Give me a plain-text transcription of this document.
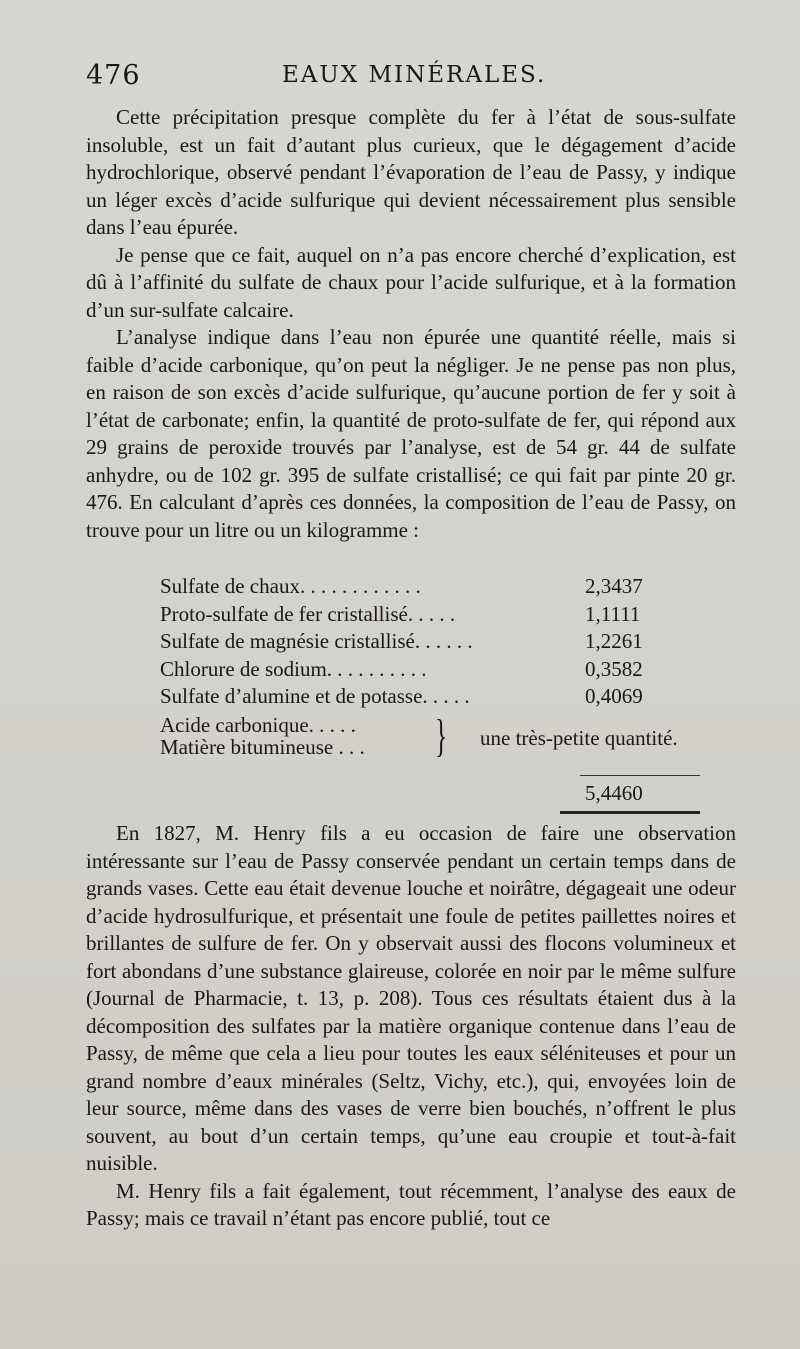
476	EAUX MINÉRALES.

Cette précipitation presque complète du fer à l’état de sous-sulfate insoluble, est un fait d’autant plus curieux, que le dégagement d’acide hydrochlorique, observé pendant l’évaporation de l’eau de Passy, y indique un léger excès d’acide sulfurique qui devient nécessairement plus sensible dans l’eau épurée.

Je pense que ce fait, auquel on n’a pas encore cherché d’explication, est dû à l’affinité du sulfate de chaux pour l’acide sulfurique, et à la formation d’un sur-sulfate calcaire.

L’analyse indique dans l’eau non épurée une quantité réelle, mais si faible d’acide carbonique, qu’on peut la négliger. Je ne pense pas non plus, en raison de son excès d’acide sulfurique, qu’aucune portion de fer y soit à l’état de carbonate; enfin, la quantité de proto-sulfate de fer, qui répond aux 29 grains de peroxide trouvés par l’analyse, est de 54 gr. 44 de sulfate anhydre, ou de 102 gr. 395 de sulfate cristallisé; ce qui fait par pinte 20 gr. 476. En calculant d’après ces données, la composition de l’eau de Passy, on trouve pour un litre ou un kilogramme :

Sulfate de chaux. . . . . . . . . . . .	2,3437
Proto-sulfate de fer cristallisé. . . . .	1,1111
Sulfate de magnésie cristallisé. . . . . .	1,2261
Chlorure de sodium. . . . . . . . . .	0,3582
Sulfate d’alumine et de potasse. . . . .	0,4069
Acide carbonique. . . . .
Matière bitumineuse . . . } une très-petite quantité.
5,4460

En 1827, M. Henry fils a eu occasion de faire une observation intéressante sur l’eau de Passy conservée pendant un certain temps dans de grands vases. Cette eau était devenue louche et noirâtre, dégageait une odeur d’acide hydrosulfurique, et présentait une foule de petites paillettes noires et brillantes de sulfure de fer. On y observait aussi des flocons volumineux et fort abondans d’une substance glaireuse, colorée en noir par le même sulfure (Journal de Pharmacie, t. 13, p. 208). Tous ces résultats étaient dus à la décomposition des sulfates par la matière organique contenue dans l’eau de Passy, de même que cela a lieu pour toutes les eaux séléniteuses et pour un grand nombre d’eaux minérales (Seltz, Vichy, etc.), qui, envoyées loin de leur source, même dans des vases de verre bien bouchés, n’offrent le plus souvent, au bout d’un certain temps, qu’une eau croupie et tout-à-fait nuisible.

M. Henry fils a fait également, tout récemment, l’analyse des eaux de Passy; mais ce travail n’étant pas encore publié, tout ce
